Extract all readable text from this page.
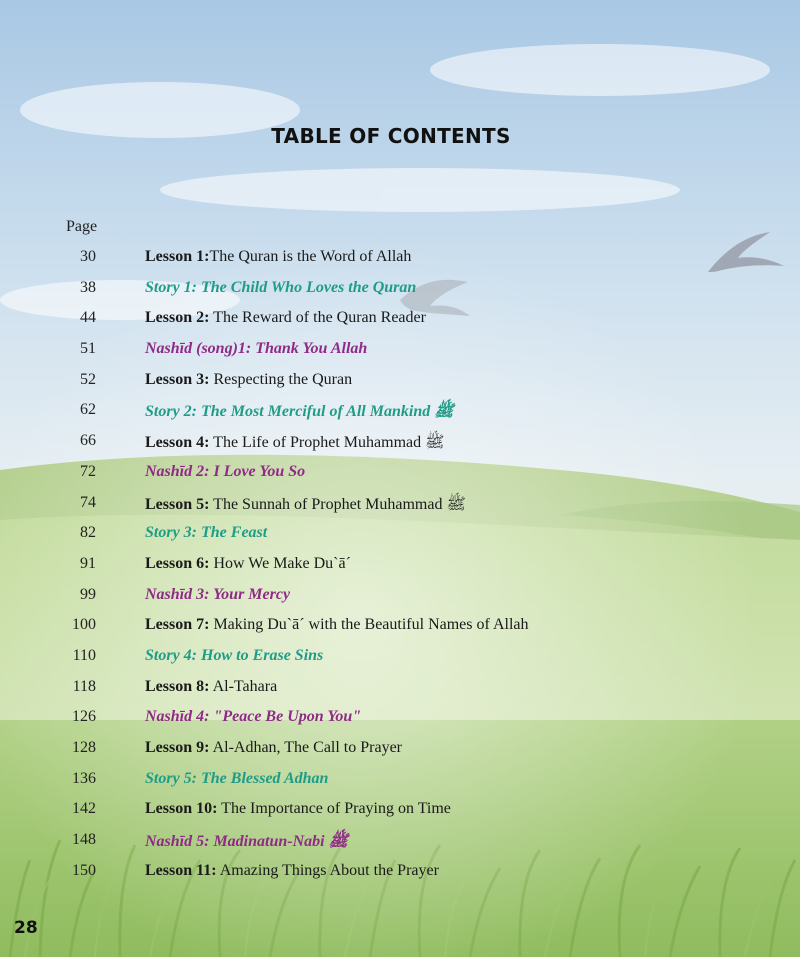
TABLE OF CONTENTS
Page
30	Lesson 1:The Quran is the Word of Allah
38	Story 1: The Child Who Loves the Quran
44	Lesson 2: The Reward of the Quran Reader
51	Nashīd (song)1: Thank You Allah
52	Lesson 3: Respecting the Quran
62	Story 2: The Most Merciful of All Mankind ﷺ
66	Lesson 4: The Life of Prophet Muhammad ﷺ
72	Nashīd 2: I Love You So
74	Lesson 5: The Sunnah of Prophet Muhammad ﷺ
82	Story 3: The Feast
91	Lesson 6: How We Make Du`ā´
99	Nashīd 3: Your Mercy
100	Lesson 7: Making Du`ā´ with the Beautiful Names of Allah
110	Story 4: How to Erase Sins
118	Lesson 8: Al-Tahara
126	Nashīd 4: "Peace Be Upon You"
128	Lesson 9: Al-Adhan, The Call to Prayer
136	Story 5: The Blessed Adhan
142	Lesson 10: The Importance of Praying on Time
148	Nashīd 5: Madinatun-Nabi ﷺ
150	Lesson 11: Amazing Things About the Prayer
28
